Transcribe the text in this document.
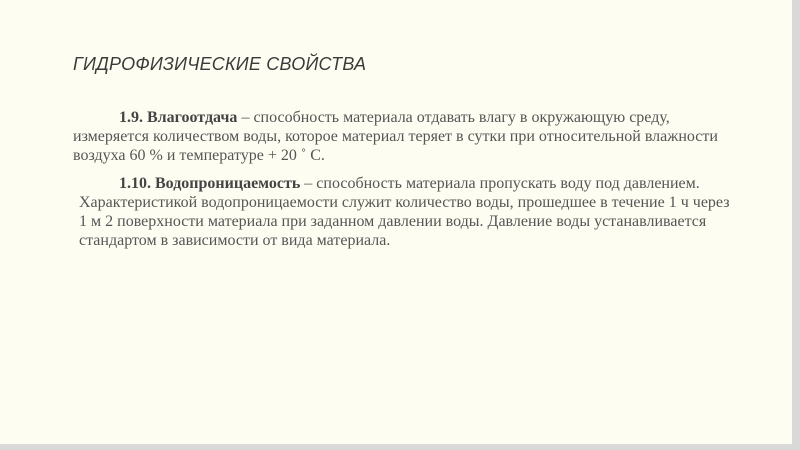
ГИДРОФИЗИЧЕСКИЕ СВОЙСТВА

1.9. Влагоотдача – способность материала отдавать влагу в окружающую среду, измеряется количеством воды, которое материал теряет в сутки при относительной влажности воздуха 60 % и температуре + 20 ˚ С.

1.10. Водопроницаемость – способность материала пропускать воду под давлением. Характеристикой водопроницаемости служит количество воды, прошедшее в течение 1 ч через 1 м 2 поверхности материала при заданном давлении воды. Давление воды устанавливается стандартом в зависимости от вида материала.
